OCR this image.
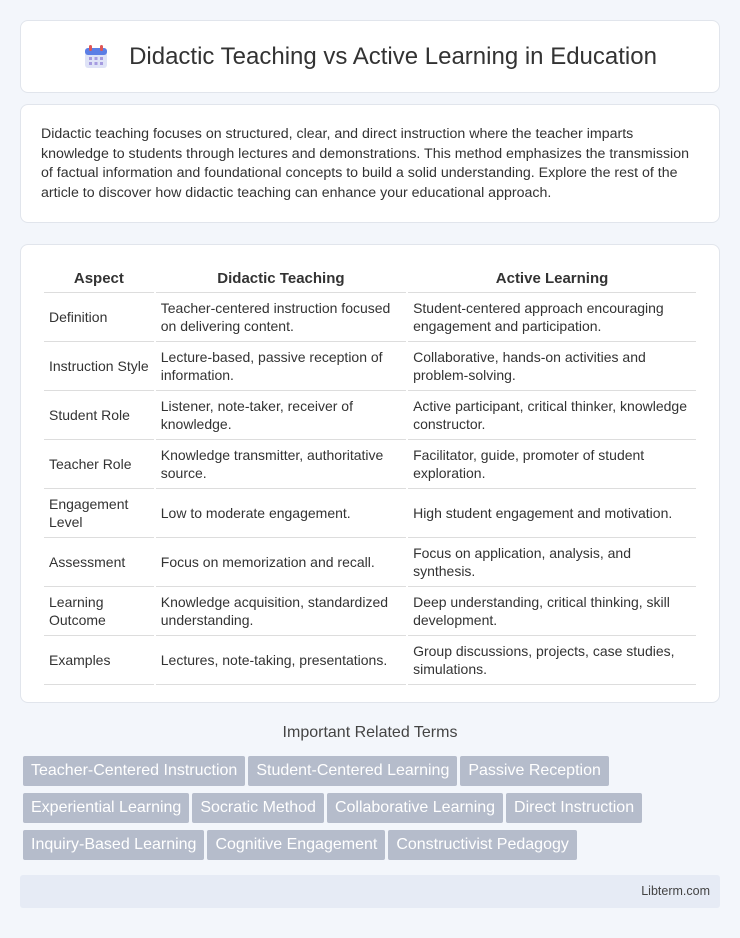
Didactic Teaching vs Active Learning in Education

Didactic teaching focuses on structured, clear, and direct instruction where the teacher imparts knowledge to students through lectures and demonstrations. This method emphasizes the transmission of factual information and foundational concepts to build a solid understanding. Explore the rest of the article to discover how didactic teaching can enhance your educational approach.

Aspect	Didactic Teaching	Active Learning
Definition	Teacher-centered instruction focused on delivering content.	Student-centered approach encouraging engagement and participation.
Instruction Style	Lecture-based, passive reception of information.	Collaborative, hands-on activities and problem-solving.
Student Role	Listener, note-taker, receiver of knowledge.	Active participant, critical thinker, knowledge constructor.
Teacher Role	Knowledge transmitter, authoritative source.	Facilitator, guide, promoter of student exploration.
Engagement Level	Low to moderate engagement.	High student engagement and motivation.
Assessment	Focus on memorization and recall.	Focus on application, analysis, and synthesis.
Learning Outcome	Knowledge acquisition, standardized understanding.	Deep understanding, critical thinking, skill development.
Examples	Lectures, note-taking, presentations.	Group discussions, projects, case studies, simulations.
Important Related Terms
Teacher-Centered Instruction Student-Centered Learning Passive ReceptionExperiential Learning Socratic Method Collaborative Learning Direct InstructionInquiry-Based Learning Cognitive Engagement Constructivist Pedagogy
Libterm.com
